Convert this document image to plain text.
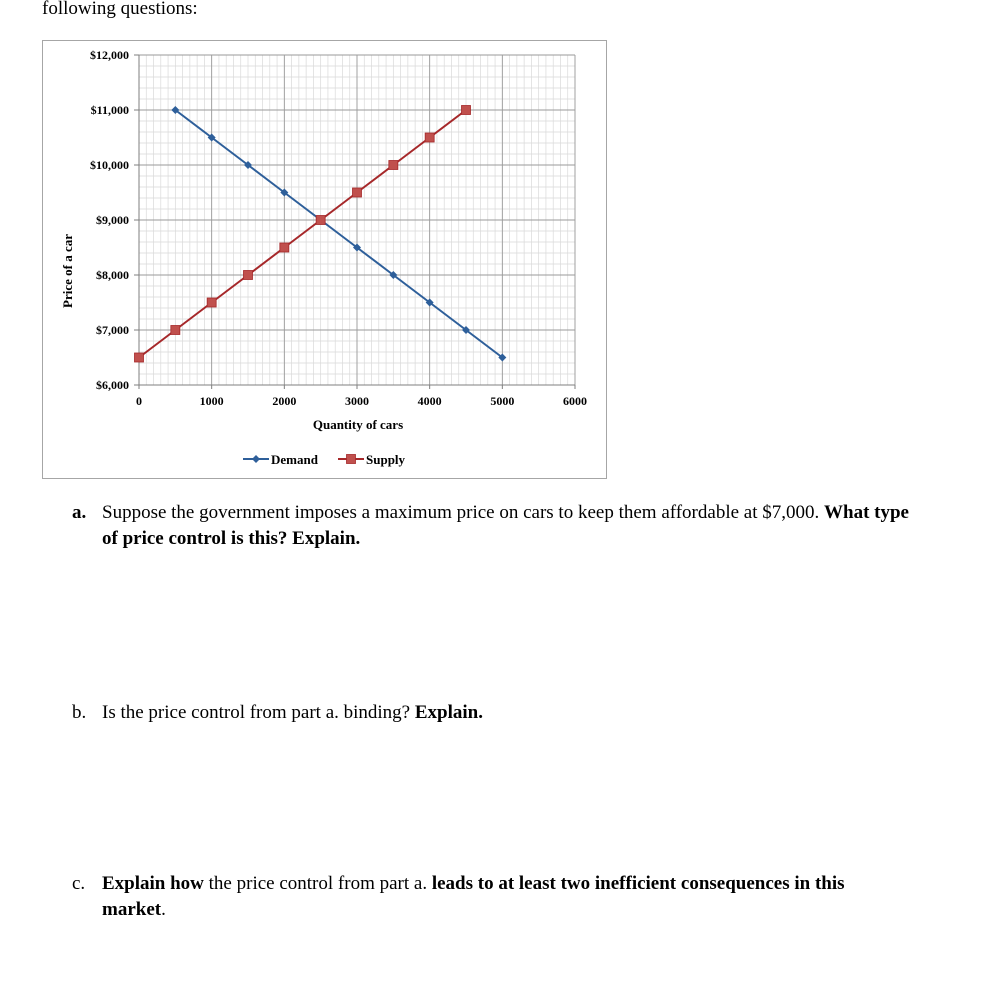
following questions:
$6,000
$7,000
$8,000
$9,000
$10,000
$11,000
$12,000
0	1000	2000	3000	4000	5000	6000
Price of a car
Quantity of cars
Demand	Supply
a. Suppose the government imposes a maximum price on cars to keep them affordable at $7,000. What type of price control is this? Explain.
b. Is the price control from part a. binding? Explain.
c. Explain how the price control from part a. leads to at least two inefficient consequences in this
market.
